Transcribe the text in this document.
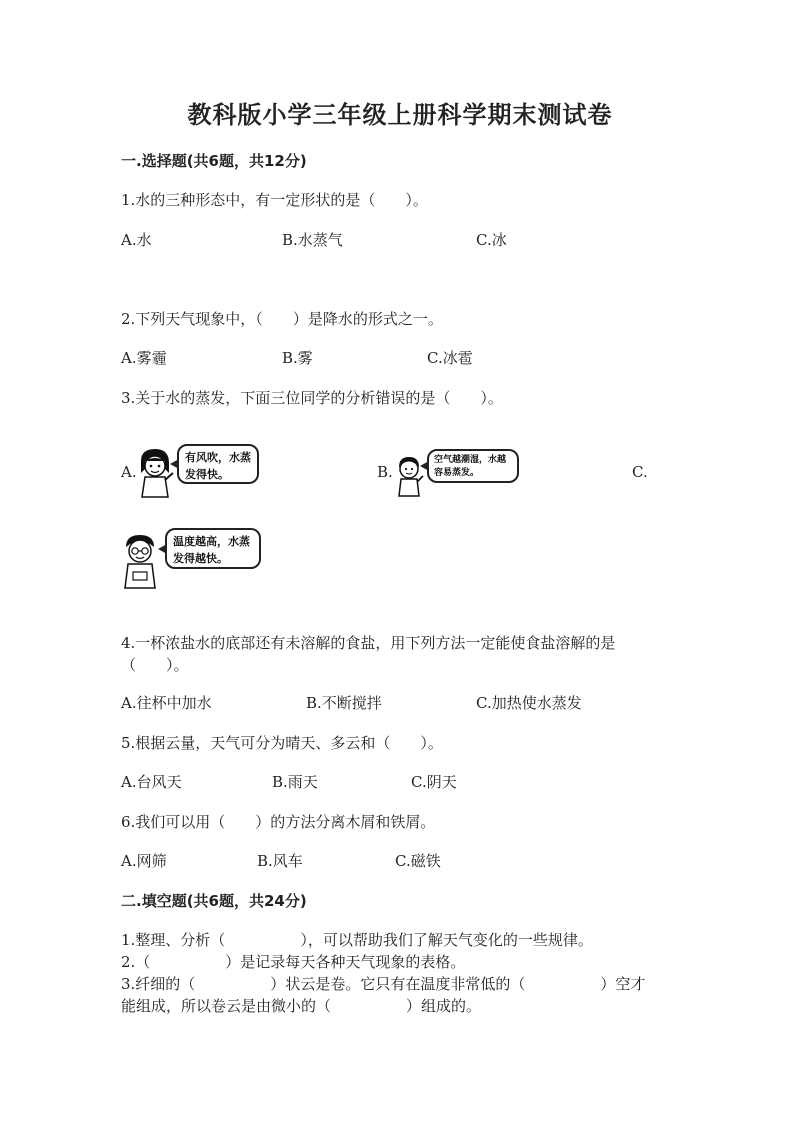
教科版小学三年级上册科学期末测试卷
一.选择题(共6题，共12分)
1.水的三种形态中，有一定形状的是（　　）。
A.水	B.水蒸气	C.冰
2.下列天气现象中，（　　）是降水的形式之一。
A.雾霾	B.雾	C.冰雹
3.关于水的蒸发，下面三位同学的分析错误的是（　　）。
A.
有风吹，水蒸发得快。	B.
空气越潮湿，水越容易蒸发。	C.
温度越高，水蒸发得越快。
4.一杯浓盐水的底部还有未溶解的食盐，用下列方法一定能使食盐溶解的是
（　　）。
A.往杯中加水	B.不断搅拌	C.加热使水蒸发
5.根据云量，天气可分为晴天、多云和（　　）。
A.台风天	B.雨天	C.阴天
6.我们可以用（　　）的方法分离木屑和铁屑。
A.网筛	B.风车	C.磁铁
二.填空题(共6题，共24分)
1.整理、分析（　　　　　），可以帮助我们了解天气变化的一些规律。
2.（　　　　　）是记录每天各种天气现象的表格。
3.纤细的（　　　　　）状云是卷。它只有在温度非常低的（　　　　　）空才
能组成，所以卷云是由微小的（　　　　　）组成的。
